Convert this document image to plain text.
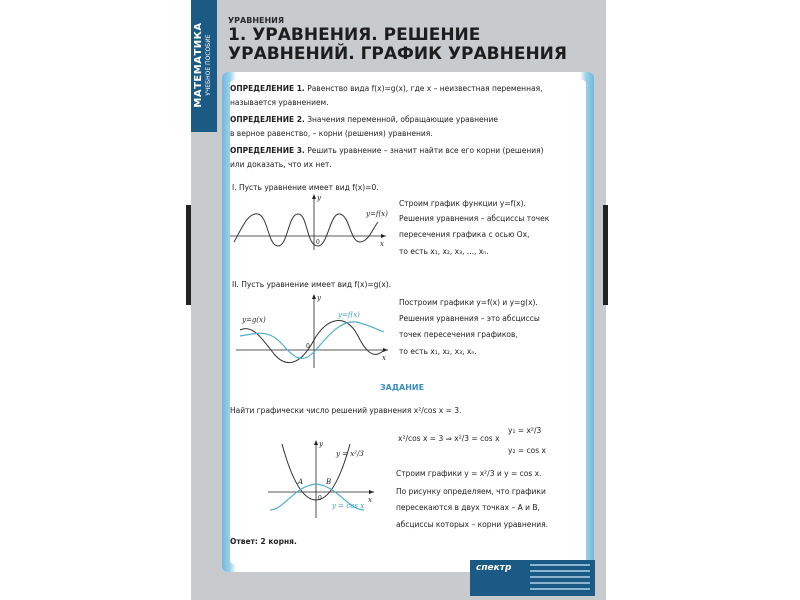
МАТЕМАТИКА УЧЕБНОЕ ПОСОБИЕ
УРАВНЕНИЯ
1. УРАВНЕНИЯ. РЕШЕНИЕ УРАВНЕНИЙ. ГРАФИК УРАВНЕНИЯ
ОПРЕДЕЛЕНИЕ 1. Равенство вида f(x)=g(x), где x – неизвестная переменная,
называется уравнением.
ОПРЕДЕЛЕНИЕ 2. Значения переменной, обращающие уравнение
в верное равенство, – корни (решения) уравнения.
ОПРЕДЕЛЕНИЕ 3. Решить уравнение – значит найти все его корни (решения)
или доказать, что их нет.
I. Пусть уравнение имеет вид f(x)=0.
y=f(x)
y
x
0
Строим график функции y=f(x).
Решения уравнения – абсциссы точек
пересечения графика с осью Ox,
то есть x₁, x₂, x₃, ..., xₙ.
II. Пусть уравнение имеет вид f(x)=g(x).
y=g(x)
y=f(x)
y
x
0
Построим графики y=f(x) и y=g(x).
Решения уравнения – это абсциссы
точек пересечения графиков,
то есть x₁, x₂, x₃, xₙ.
ЗАДАНИЕ
Найти графически число решений уравнения x²/cos x = 3.
x²/cos x = 3 ⇒ x²/3 = cos x
y₁ = x²/3
y₂ = cos x
Строим графики y = x²/3 и y = cos x.
По рисунку определяем, что графики
пересекаются в двух точках – A и B,
абсциссы которых – корни уравнения.
Ответ: 2 корня.
y = x²/3
y = cos x
A	B
y
x
0
спектр
